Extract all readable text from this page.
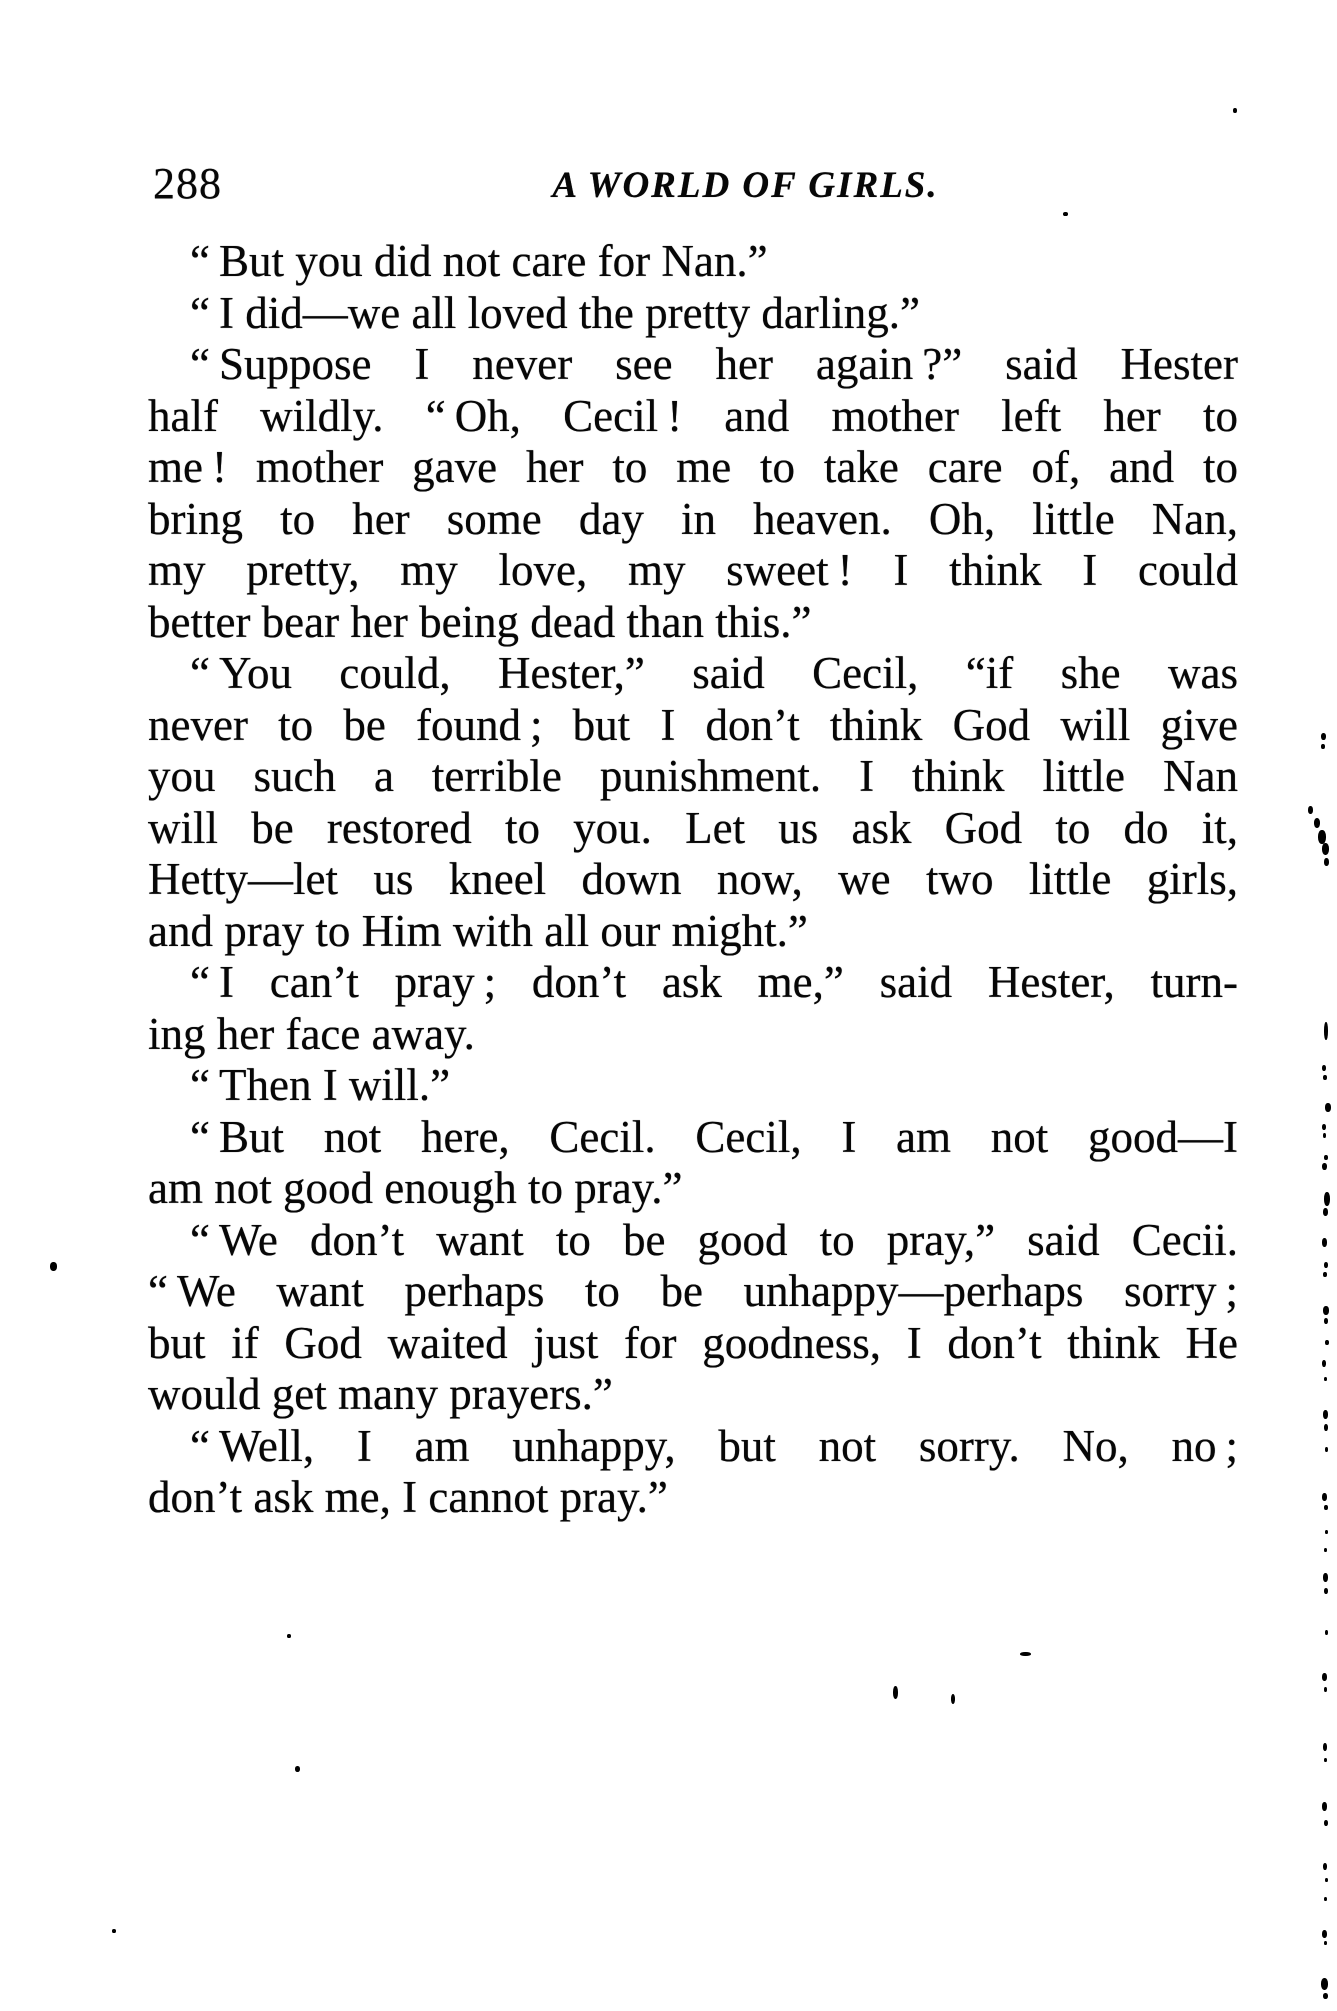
288	A WORLD OF GIRLS.
“ But you did not care for Nan.”
“ I did—we all loved the pretty darling.”
“ Suppose I never see her again ?” said Hester
half wildly. “ Oh, Cecil ! and mother left her to
me ! mother gave her to me to take care of, and to
bring to her some day in heaven. Oh, little Nan,
my pretty, my love, my sweet ! I think I could
better bear her being dead than this.”
“ You could, Hester,” said Cecil, “if she was
never to be found ; but I don’t think God will give
you such a terrible punishment. I think little Nan
will be restored to you. Let us ask God to do it,
Hetty—let us kneel down now, we two little girls,
and pray to Him with all our might.”
“ I can’t pray ; don’t ask me,” said Hester, turn-
ing her face away.
“ Then I will.”
“ But not here, Cecil. Cecil, I am not good—I
am not good enough to pray.”
“ We don’t want to be good to pray,” said Cecii.
“ We want perhaps to be unhappy—perhaps sorry ;
but if God waited just for goodness, I don’t think He
would get many prayers.”
“ Well, I am unhappy, but not sorry. No, no ;
don’t ask me, I cannot pray.”
